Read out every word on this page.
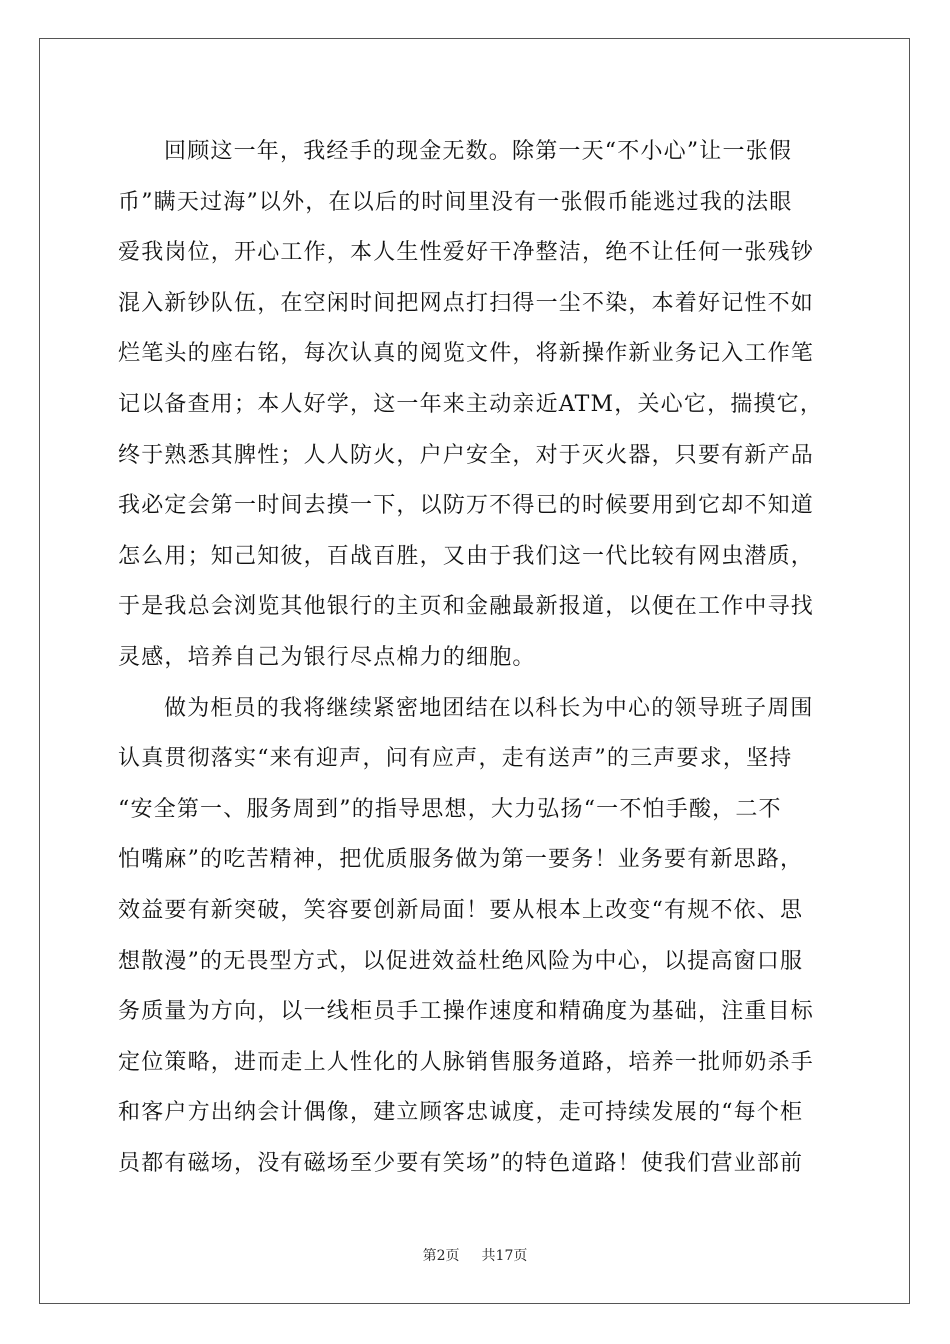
回顾这一年，我经手的现金无数。除第一天“不小心”让一张假
币”瞒天过海”以外，在以后的时间里没有一张假币能逃过我的法眼
爱我岗位，开心工作，本人生性爱好干净整洁，绝不让任何一张残钞
混入新钞队伍，在空闲时间把网点打扫得一尘不染，本着好记性不如
烂笔头的座右铭，每次认真的阅览文件，将新操作新业务记入工作笔
记以备查用；本人好学，这一年来主动亲近ATM，关心它，揣摸它，
终于熟悉其脾性；人人防火，户户安全，对于灭火器，只要有新产品
我必定会第一时间去摸一下，以防万不得已的时候要用到它却不知道
怎么用；知己知彼，百战百胜，又由于我们这一代比较有网虫潜质，
于是我总会浏览其他银行的主页和金融最新报道，以便在工作中寻找
灵感，培养自己为银行尽点棉力的细胞。
做为柜员的我将继续紧密地团结在以科长为中心的领导班子周围
认真贯彻落实“来有迎声，问有应声，走有送声”的三声要求，坚持
“安全第一、服务周到”的指导思想，大力弘扬“一不怕手酸，二不
怕嘴麻”的吃苦精神，把优质服务做为第一要务！业务要有新思路，
效益要有新突破，笑容要创新局面！要从根本上改变“有规不依、思
想散漫”的无畏型方式，以促进效益杜绝风险为中心，以提高窗口服
务质量为方向，以一线柜员手工操作速度和精确度为基础，注重目标
定位策略，进而走上人性化的人脉销售服务道路，培养一批师奶杀手
和客户方出纳会计偶像，建立顾客忠诚度，走可持续发展的“每个柜
员都有磁场，没有磁场至少要有笑场”的特色道路！使我们营业部前
第2页 共17页
